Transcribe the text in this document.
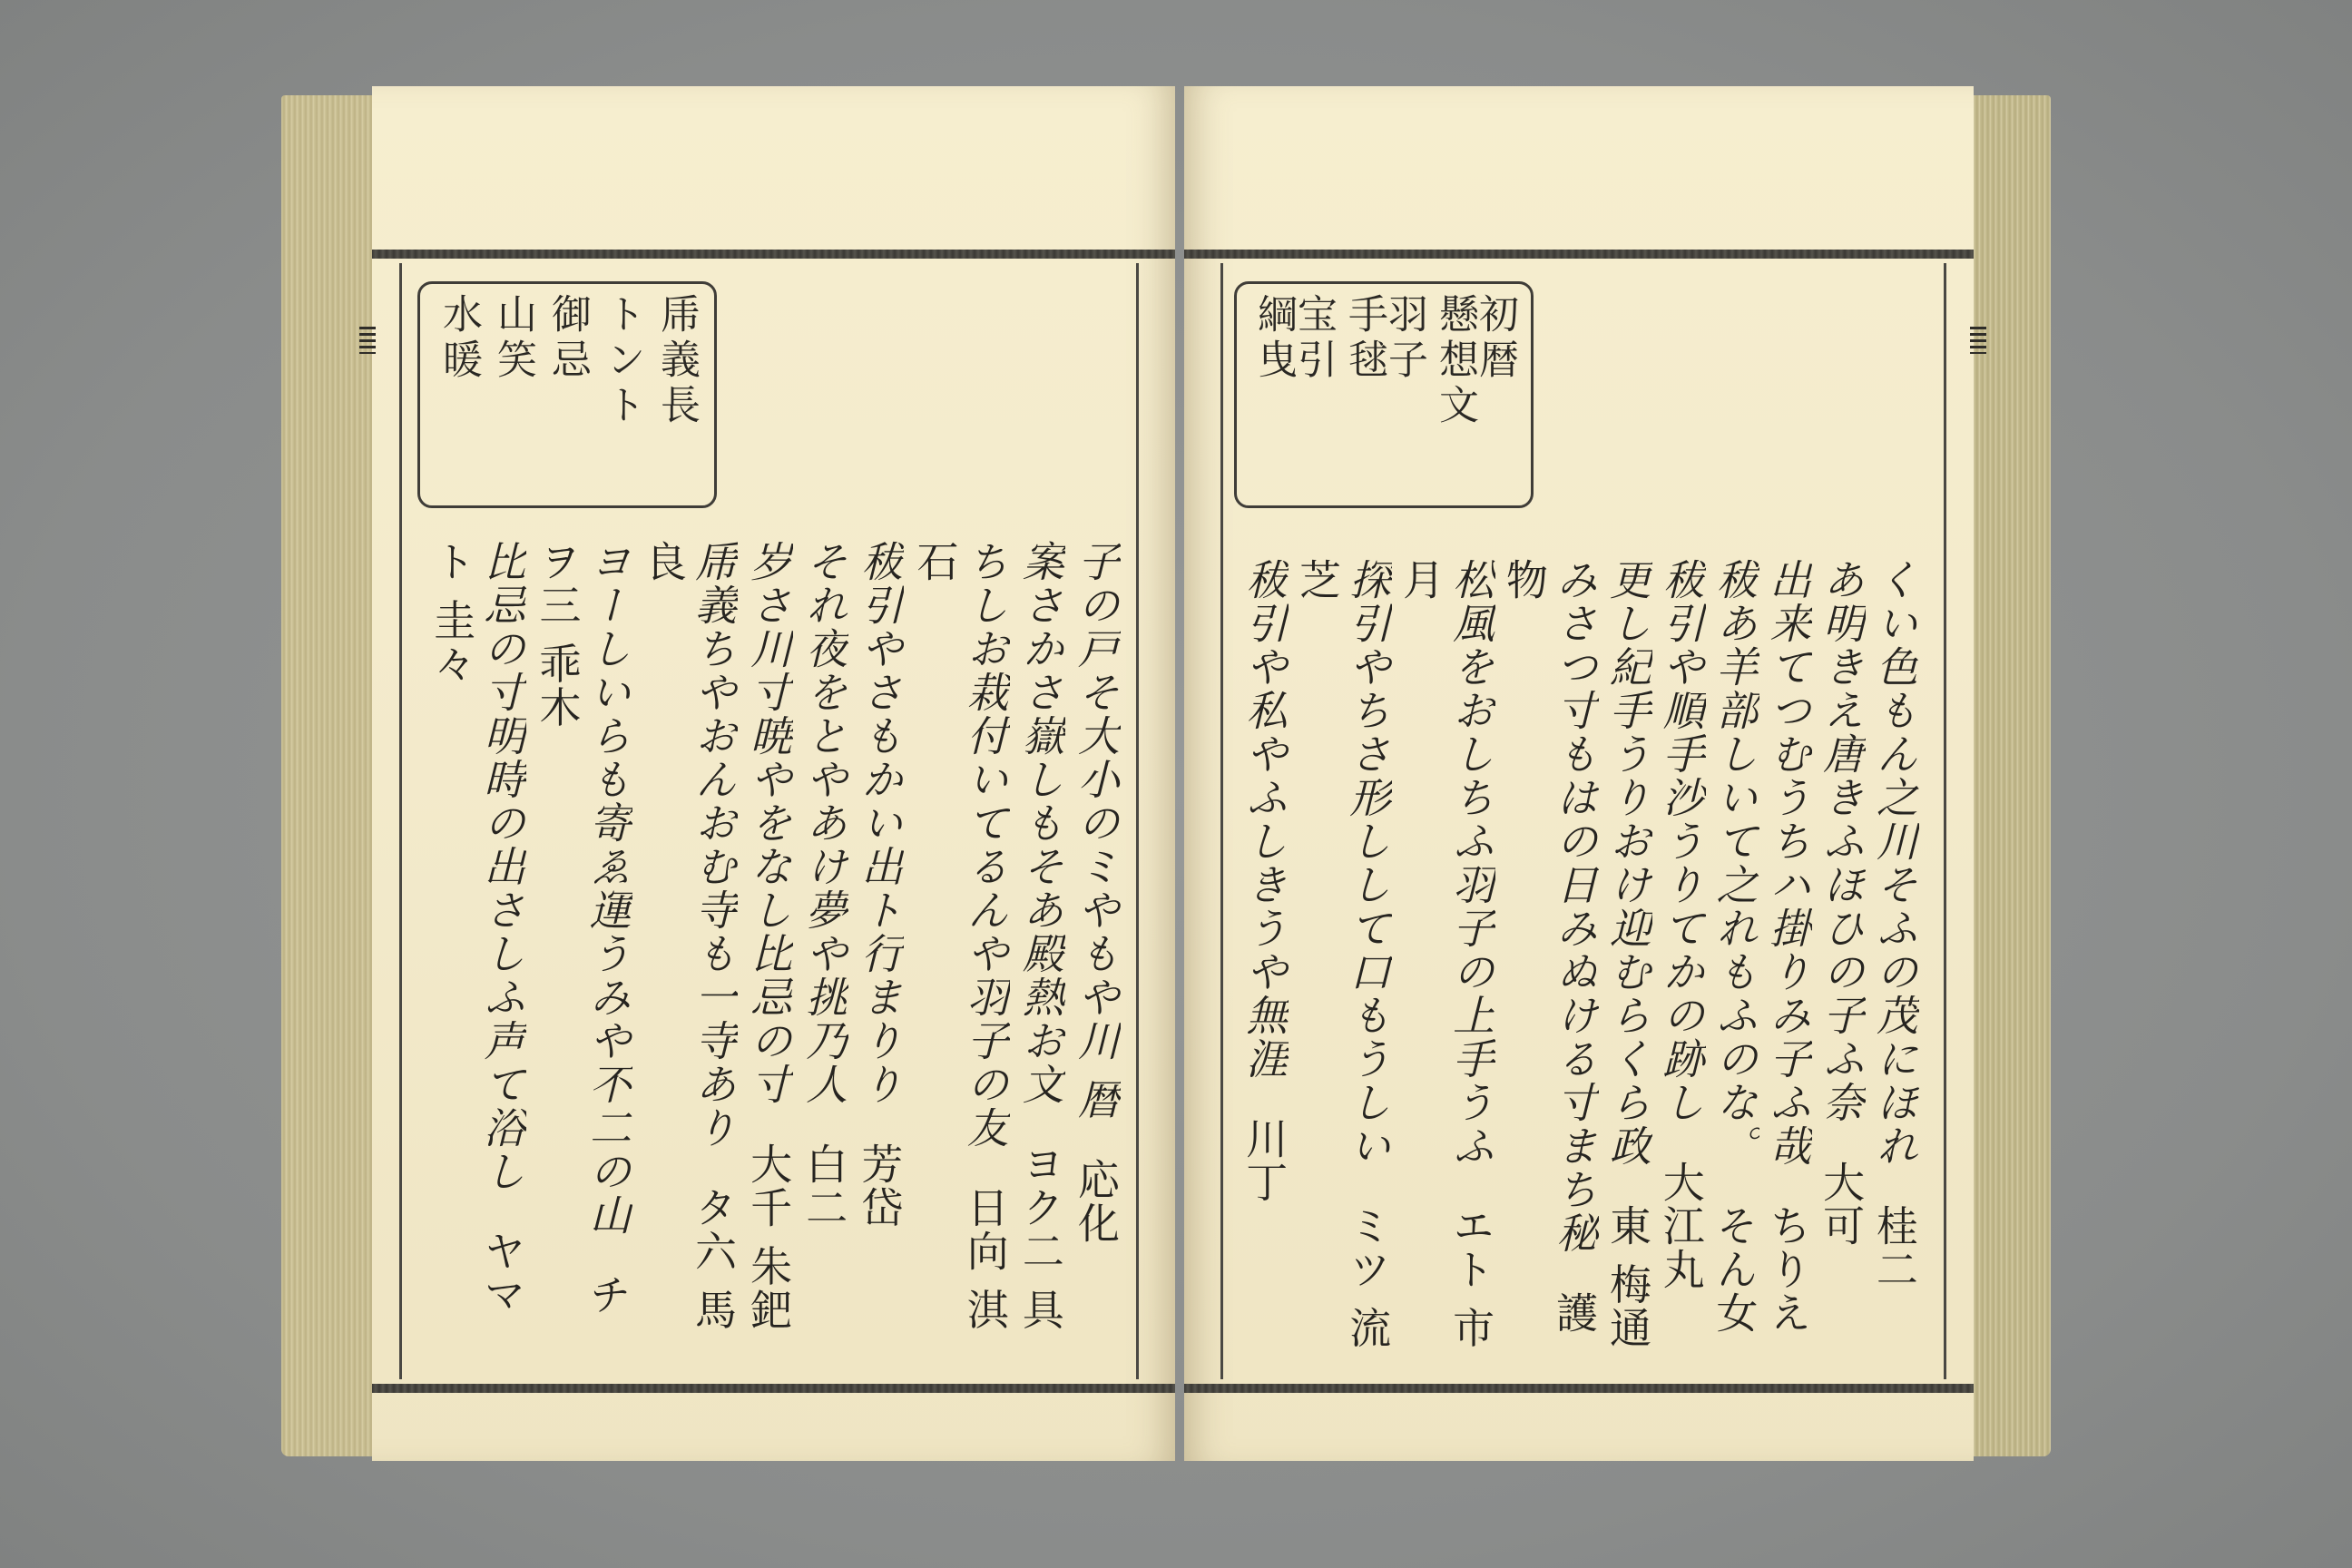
乕義長
トント
御忌
山笑
水暖
子の戸そ大小のミやもや川 暦応化
案さかさ嶽しもそあ殿熱お文ヨク二 具
ちしお栽付いてるんや羽子の友日向 淇石
秡引やさもかい出ト行まりり芳岱
それ夜をとやあけ夢や挑乃人白二
岁さ川寸暁やをなし比忌の寸大千 朱鈀
乕義ちやおんおむ寺も一寺ありタ六 馬良
ヨーしいらも寄ゑ運うみや不二の山チヲ三 乖木
比忌の寸明時の出さしふ声て浴しヤマト 圭々
初暦
懸想文
羽子
手毬
宝引
綱曳
くい色もん之川そふの茂にほれ桂二
あ明きえ唐きふほひの子ふ奈大可
出来てつむうちハ掛りみ子ふ哉ちりえ
秡あ羊部しいて之れもふのな。そん女
秡引や順手沙うりてかの跡し大江丸
更し紀手うりおけ迎むらくら政東 梅通
みさつ寸もはの日みぬける寸まち秘護物
松風をおしちふ羽子の上手うふエト 市月
探引やちさ形しして口もうしいミツ 流芝
秡引や私やふしきうや無涯川丁
